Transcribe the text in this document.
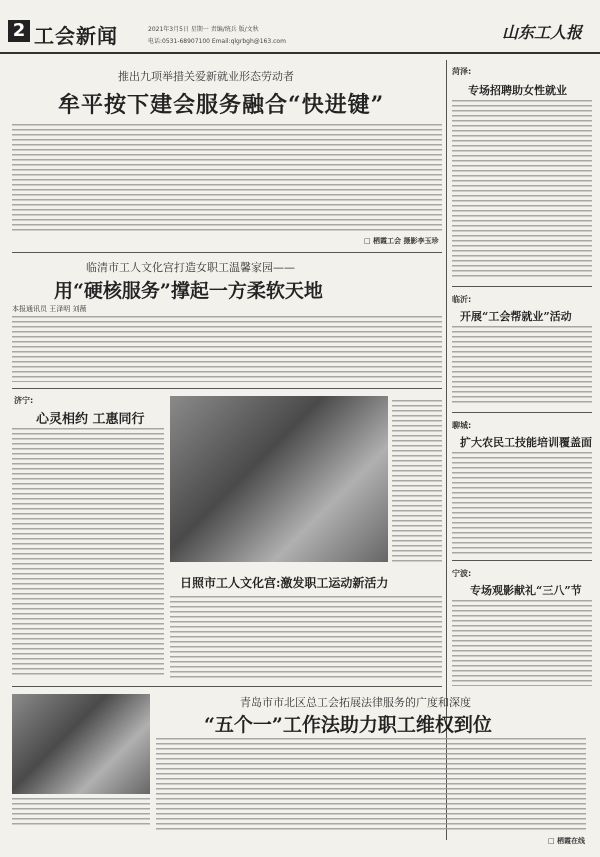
2 工会新闻	2021年3月5日 星期一 责编/统兵 版/文秋
电话:0531-68907100 Email:qlgrbgh@163.com	山东工人报
推出九项举措关爱新就业形态劳动者
牟平按下建会服务融合“快进键”
□ 栖霞工会 摄影李玉珍
临清市工人文化宫打造女职工温馨家园——
用“硬核服务”撑起一方柔软天地
本报通讯员 王泽明 刘薇
济宁:
心灵相约 工惠同行
日照市工人文化宫:激发职工运动新活力
青岛市市北区总工会拓展法律服务的广度和深度
“五个一”工作法助力职工维权到位
□ 栖霞在线
菏泽:
专场招聘助女性就业
临沂:
开展“工会帮就业”活动
聊城:
扩大农民工技能培训覆盖面
宁波:
专场观影献礼“三八”节
